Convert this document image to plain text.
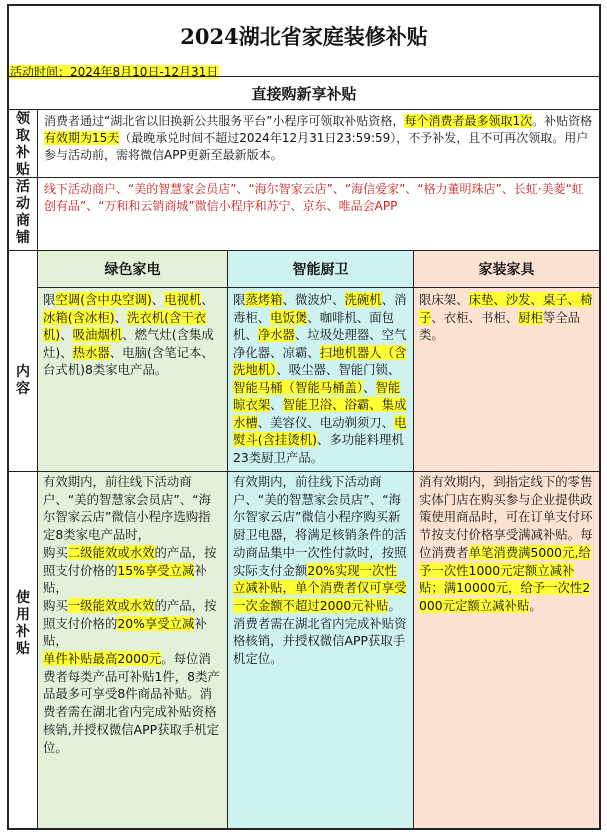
2024湖北省家庭装修补贴
活动时间：2024年8月10日-12月31日
直接购新享补贴
领
取
补
贴
消费者通过“湖北省以旧换新公共服务平台”小程序可领取补贴资格，每个消费者最多领取1次。补贴资格有效期为15天（最晚承兑时间不超过2024年12月31日23:59:59），不予补发，且不可再次领取。用户参与活动前，需将微信APP更新至最新版本。
活
动
商
铺
线下活动商户、“美的智慧家会员店”、“海尔智家云店”、“海信爱家”、“格力董明珠店”、长虹·美菱“虹创有品”、“万和和云销商城”微信小程序和苏宁、京东、唯品会APP
内
容
绿色家电
限空调(含中央空调)、电视机、冰箱(含冰柜)、洗衣机(含干衣机)、吸油烟机、燃气灶(含集成灶)、热水器、电脑(含笔记本、台式机)8类家电产品。
智能厨卫
限蒸烤箱、微波炉、洗碗机、消毒柜、电饭煲、咖啡机、面包机、净水器、垃圾处理器、空气净化器、凉霸、扫地机器人（含洗地机）、吸尘器、智能门锁、智能马桶（智能马桶盖）、智能晾衣架、智能卫浴、浴霸、集成水槽、美容仪、电动剃须刀、电熨斗(含挂烫机)、多功能料理机23类厨卫产品。
家装家具
限床架、床垫、沙发、桌子、椅子、衣柜、书柜、厨柜等全品类。
使
用
补
贴
有效期内，前往线下活动商户、“美的智慧家会员店”、“海尔智家云店”微信小程序选购指定8类家电产品时，
购买二级能效或水效的产品，按照支付价格的15%享受立减补贴，
购买一级能效或水效的产品，按照支付价格的20%享受立减补贴，
单件补贴最高2000元。每位消费者每类产品可补贴1件，8类产品最多可享受8件商品补贴。消费者需在湖北省内完成补贴资格核销,并授权微信APP获取手机定位。
有效期内，前往线下活动商户、“美的智慧家会员店”、“海尔智家云店”微信小程序购买新厨卫电器，将满足核销条件的活动商品集中一次性付款时，按照实际支付金额20%实现一次性立减补贴，单个消费者仅可享受一次金额不超过2000元补贴。消费者需在湖北省内完成补贴资格核销，并授权微信APP获取手机定位。
消有效期内，到指定线下的零售实体门店在购买参与企业提供政策使用商品时，可在订单支付环节按支付价格享受满减补贴。每位消费者单笔消费满5000元,给予一次性1000元定额立减补贴；满10000元，给予一次性2000元定额立减补贴。
